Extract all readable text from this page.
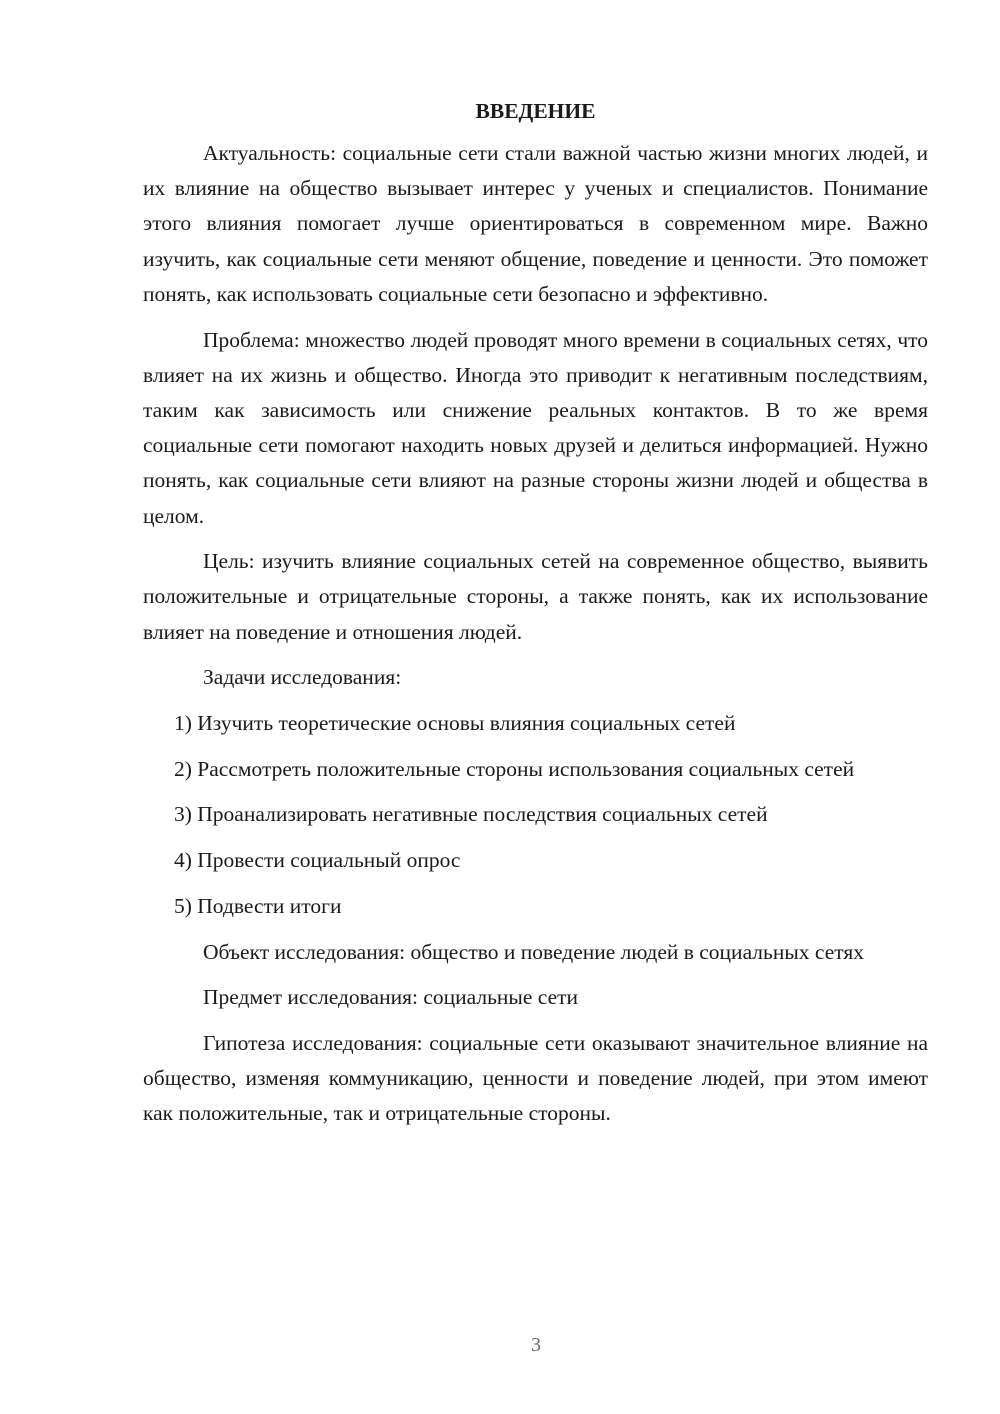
ВВЕДЕНИЕ

Актуальность: социальные сети стали важной частью жизни многих людей, и их влияние на общество вызывает интерес у ученых и специалистов. Понимание этого влияния помогает лучше ориентироваться в современном мире. Важно изучить, как социальные сети меняют общение, поведение и ценности. Это поможет понять, как использовать социальные сети безопасно и эффективно.

Проблема: множество людей проводят много времени в социальных сетях, что влияет на их жизнь и общество. Иногда это приводит к негативным последствиям, таким как зависимость или снижение реальных контактов. В то же время социальные сети помогают находить новых друзей и делиться информацией. Нужно понять, как социальные сети влияют на разные стороны жизни людей и общества в целом.

Цель: изучить влияние социальных сетей на современное общество, выявить положительные и отрицательные стороны, а также понять, как их использование влияет на поведение и отношения людей.

Задачи исследования:

1) Изучить теоретические основы влияния социальных сетей

2) Рассмотреть положительные стороны использования социальных сетей

3) Проанализировать негативные последствия социальных сетей

4) Провести социальный опрос

5) Подвести итоги

Объект исследования: общество и поведение людей в социальных сетях

Предмет исследования: социальные сети

Гипотеза исследования: социальные сети оказывают значительное влияние на общество, изменяя коммуникацию, ценности и поведение людей, при этом имеют как положительные, так и отрицательные стороны.

3
